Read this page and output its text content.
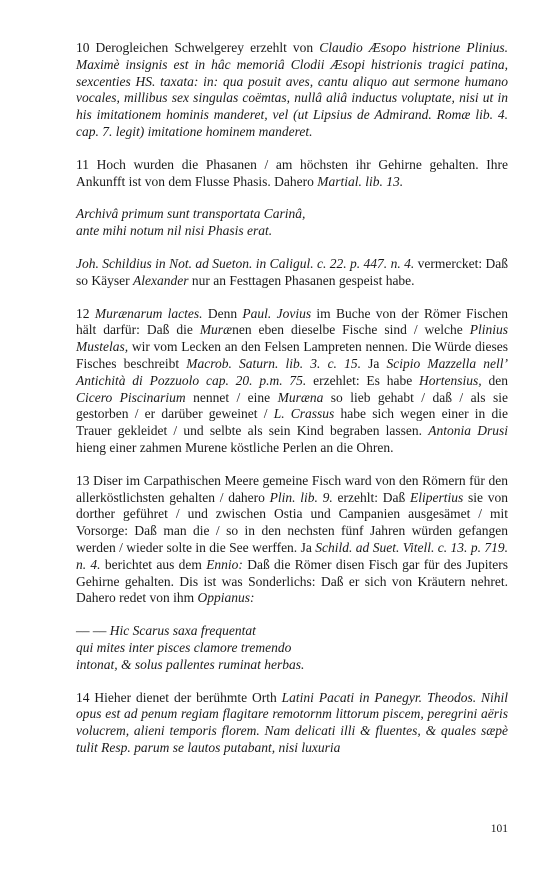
10 Derogleichen Schwelgerey erzehlt von Claudio Æsopo histrione Plinius. Maximè insignis est in hâc memoriâ Clodii Æsopi histrionis tragici patina, sexcenties HS. taxata: in: qua posuit aves, cantu aliquo aut sermone humano vocales, millibus sex singulas coëmtas, nullâ aliâ inductus voluptate, nisi ut in his imitationem hominis manderet, vel (ut Lipsius de Admirand. Romæ lib. 4. cap. 7. legit) imitatione hominem manderet.

11 Hoch wurden die Phasanen / am höchsten ihr Gehirne gehalten. Ihre Ankunfft ist von dem Flusse Phasis. Dahero Martial. lib. 13.

Archivâ primum sunt transportata Carinâ,
ante mihi notum nil nisi Phasis erat.

Joh. Schildius in Not. ad Sueton. in Caligul. c. 22. p. 447. n. 4. vermercket: Daß so Käyser Alexander nur an Festtagen Phasanen gespeist habe.

12 Murænarum lactes. Denn Paul. Jovius im Buche von der Römer Fischen hält darfür: Daß die Murænen eben dieselbe Fische sind / welche Plinius Mustelas, wir vom Lecken an den Felsen Lampreten nennen. Die Würde dieses Fisches beschreibt Macrob. Saturn. lib. 3. c. 15. Ja Scipio Mazzella nell’ Antichità di Pozzuolo cap. 20. p.m. 75. erzehlet: Es habe Hortensius, den Cicero Piscinarium nennet / eine Muræna so lieb gehabt / daß / als sie gestorben / er darüber geweinet / L. Crassus habe sich wegen einer in die Trauer gekleidet / und selbte als sein Kind begraben lassen. Antonia Drusi hieng einer zahmen Murene köstliche Perlen an die Ohren.

13 Diser im Carpathischen Meere gemeine Fisch ward von den Römern für den allerköstlichsten gehalten / dahero Plin. lib. 9. erzehlt: Daß Elipertius sie von dorther geführet / und zwischen Ostia und Campanien ausgesämet / mit Vorsorge: Daß man die / so in den nechsten fünf Jahren würden gefangen werden / wieder solte in die See werffen. Ja Schild. ad Suet. Vitell. c. 13. p. 719. n. 4. berichtet aus dem Ennio: Daß die Römer disen Fisch gar für des Jupiters Gehirne gehalten. Dis ist was Sonderlichs: Daß er sich von Kräutern nehret. Dahero redet von ihm Oppianus:

–– –– Hic Scarus saxa frequentat
qui mites inter pisces clamore tremendo
intonat, & solus pallentes ruminat herbas.

14 Hieher dienet der berühmte Orth Latini Pacati in Panegyr. Theodos. Nihil opus est ad penum regiam flagitare remotornm littorum piscem, peregrini aëris volucrem, alieni temporis florem. Nam delicati illi & fluentes, & quales sæpè tulit Resp. parum se lautos putabant, nisi luxuria

101
